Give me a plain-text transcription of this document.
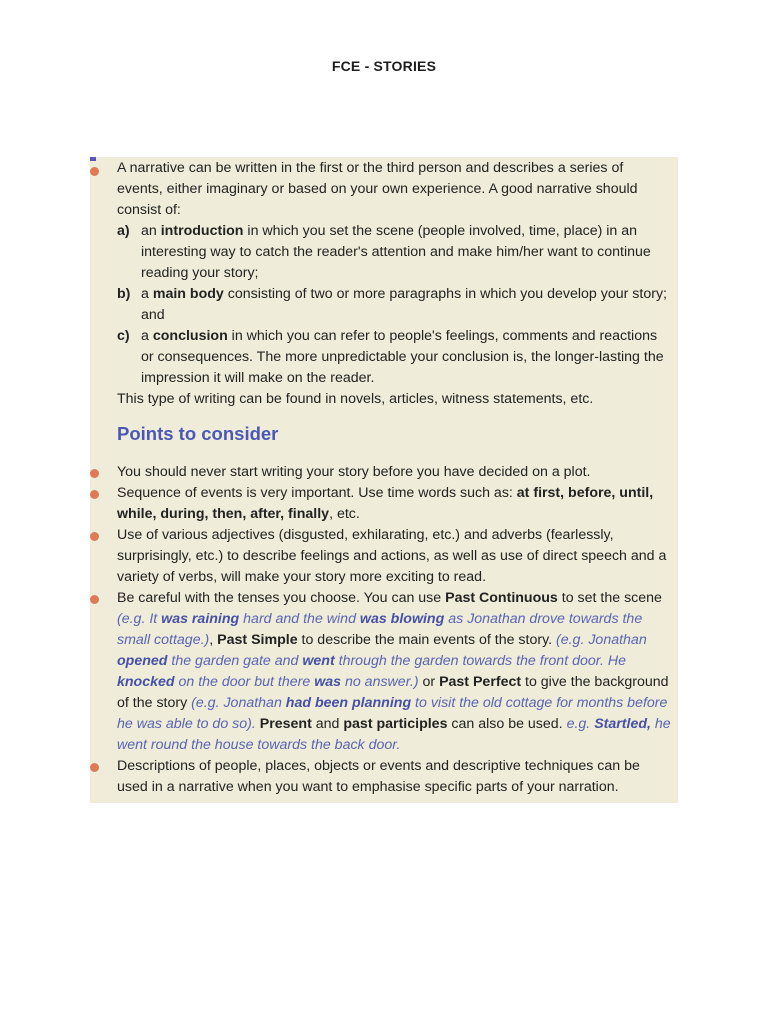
FCE - STORIES
A narrative can be written in the first or the third person and describes a series of events, either imaginary or based on your own experience. A good narrative should consist of:
a) an introduction in which you set the scene (people involved, time, place) in an interesting way to catch the reader's attention and make him/her want to continue reading your story;
b) a main body consisting of two or more paragraphs in which you develop your story; and
c) a conclusion in which you can refer to people's feelings, comments and reactions or consequences. The more unpredictable your conclusion is, the longer-lasting the impression it will make on the reader.
This type of writing can be found in novels, articles, witness statements, etc.
Points to consider
You should never start writing your story before you have decided on a plot.
Sequence of events is very important. Use time words such as: at first, before, until, while, during, then, after, finally, etc.
Use of various adjectives (disgusted, exhilarating, etc.) and adverbs (fearlessly, surprisingly, etc.) to describe feelings and actions, as well as use of direct speech and a variety of verbs, will make your story more exciting to read.
Be careful with the tenses you choose. You can use Past Continuous to set the scene (e.g. It was raining hard and the wind was blowing as Jonathan drove towards the small cottage.), Past Simple to describe the main events of the story. (e.g. Jonathan opened the garden gate and went through the garden towards the front door. He knocked on the door but there was no answer.) or Past Perfect to give the background of the story (e.g. Jonathan had been planning to visit the old cottage for months before he was able to do so). Present and past participles can also be used. e.g. Startled, he went round the house towards the back door.
Descriptions of people, places, objects or events and descriptive techniques can be used in a narrative when you want to emphasise specific parts of your narration.
